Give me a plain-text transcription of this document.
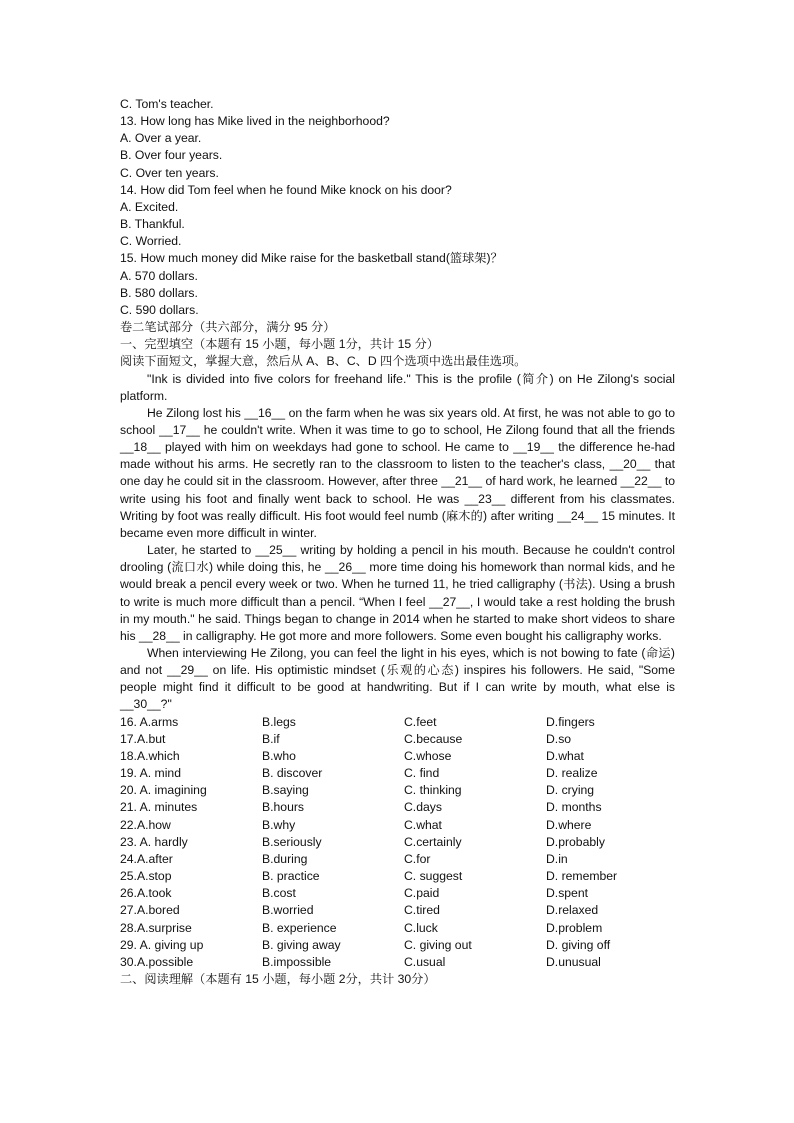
C. Tom's teacher.
13. How long has Mike lived in the neighborhood?
A. Over a year.
B. Over four years.
C. Over ten years.
14. How did Tom feel when he found Mike knock on his door?
A. Excited.
B. Thankful.
C. Worried.
15. How much money did Mike raise for the basketball stand(篮球架)？
A. 570 dollars.
B. 580 dollars.
C. 590 dollars.
卷二笔试部分（共六部分，满分 95 分）
一、完型填空（本题有 15 小题，每小题 1分，共计 15 分）
阅读下面短文，掌握大意，然后从 A、B、C、D 四个选项中选出最佳选项。
"Ink is divided into five colors for freehand life." This is the profile (简介) on He Zilong's social platform.
He Zilong lost his __16__ on the farm when he was six years old. At first, he was not able to go to school __17__ he couldn't write. When it was time to go to school, He Zilong found that all the friends __18__ played with him on weekdays had gone to school. He came to __19__ the difference he-had made without his arms. He secretly ran to the classroom to listen to the teacher's class, __20__ that one day he could sit in the classroom. However, after three __21__ of hard work, he learned __22__ to write using his foot and finally went back to school. He was __23__ different from his classmates. Writing by foot was really difficult. His foot would feel numb (麻木的) after writing __24__ 15 minutes. It became even more difficult in winter.
Later, he started to __25__ writing by holding a pencil in his mouth. Because he couldn't control drooling (流口水) while doing this, he __26__ more time doing his homework than normal kids, and he would break a pencil every week or two. When he turned 11, he tried calligraphy (书法). Using a brush to write is much more difficult than a pencil. “When I feel __27__, I would take a rest holding the brush in my mouth." he said. Things began to change in 2014 when he started to make short videos to share his __28__ in calligraphy. He got more and more followers. Some even bought his calligraphy works.
When interviewing He Zilong, you can feel the light in his eyes, which is not bowing to fate (命运) and not __29__ on life. His optimistic mindset (乐观的心态) inspires his followers. He said, "Some people might find it difficult to be good at handwriting. But if I can write by mouth, what else is __30__?"
16. A.arms	B.legs	C.feet	D.fingers
17.A.but	B.if	C.because	D.so
18.A.which	B.who	C.whose	D.what
19. A. mind	B. discover	C. find	D. realize
20. A. imagining	B.saying	C. thinking	D. crying
21. A. minutes	B.hours	C.days	D. months
22.A.how	B.why	C.what	D.where
23. A. hardly	B.seriously	C.certainly	D.probably
24.A.after	B.during	C.for	D.in
25.A.stop	B. practice	C. suggest	D. remember
26.A.took	B.cost	C.paid	D.spent
27.A.bored	B.worried	C.tired	D.relaxed
28.A.surprise	B. experience	C.luck	D.problem
29. A. giving up	B. giving away	C. giving out	D. giving off
30.A.possible	B.impossible	C.usual	D.unusual
二、阅读理解（本题有 15 小题，每小题 2分，共计 30分）
